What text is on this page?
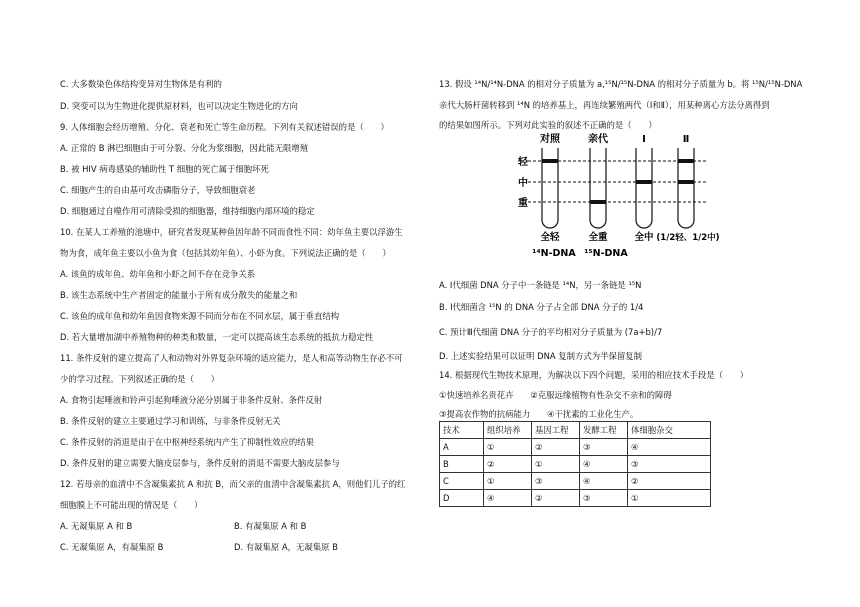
C. 大多数染色体结构变异对生物体是有利的
D. 突变可以为生物进化提供原材料，也可以决定生物进化的方向
9. 人体细胞会经历增殖、分化、衰老和死亡等生命历程。下列有关叙述错误的是（　　）
A. 正常的 B 淋巴细胞由于可分裂、分化为浆细胞，因此能无限增殖
B. 被 HIV 病毒感染的辅助性 T 细胞的死亡属于细胞坏死
C. 细胞产生的自由基可攻击磷脂分子，导致细胞衰老
D. 细胞通过自噬作用可清除受损的细胞器，维持细胞内部环境的稳定
10. 在某人工养殖的池塘中，研究者发现某种鱼因年龄不同而食性不同：幼年鱼主要以浮游生
物为食，成年鱼主要以小鱼为食（包括其幼年鱼）、小虾为食。下列说法正确的是（　　）
A. 该鱼的成年鱼、幼年鱼和小虾之间不存在竞争关系
B. 该生态系统中生产者固定的能量小于所有成分散失的能量之和
C. 该鱼的成年鱼和幼年鱼因食物来源不同而分布在不同水层，属于垂直结构
D. 若大量增加湖中养殖物种的种类和数量，一定可以提高该生态系统的抵抗力稳定性
11. 条件反射的建立提高了人和动物对外界复杂环境的适应能力，是人和高等动物生存必不可
少的学习过程。下列叙述正确的是（　　）
A. 食物引起唾液和铃声引起狗唾液分泌分别属于非条件反射、条件反射
B. 条件反射的建立主要通过学习和训练，与非条件反射无关
C. 条件反射的消退是由于在中枢神经系统内产生了抑制性效应的结果
D. 条件反射的建立需要大脑皮层参与，条件反射的消退不需要大脑皮层参与
12. 若母亲的血清中不含凝集素抗 A 和抗 B，而父亲的血清中含凝集素抗 A，则他们儿子的红
细胞膜上不可能出现的情况是（　　）
A. 无凝集原 A 和 B	B. 有凝集原 A 和 B
C. 无凝集原 A，有凝集原 B	D. 有凝集原 A，无凝集原 B
13. 假设 ¹⁴N/¹⁴N-DNA 的相对分子质量为 a,¹⁵N/¹⁵N-DNA 的相对分子质量为 b。将 ¹⁵N/¹⁵N-DNA
亲代大肠杆菌转移到 ¹⁴N 的培养基上，再连续繁殖两代（Ⅰ和Ⅱ），用某种离心方法分离得到
的结果如图所示。下列对此实验的叙述不正确的是（　　）
A. Ⅰ代细菌 DNA 分子中一条链是 ¹⁴N，另一条链是 ¹⁵N
B. Ⅰ代细菌含 ¹⁵N 的 DNA 分子占全部 DNA 分子的 1/4
C. 预计Ⅲ代细菌 DNA 分子的平均相对分子质量为 (7a+b)/7
D. 上述实验结果可以证明 DNA 复制方式为半保留复制
14. 根据现代生物技术原理，为解决以下四个问题，采用的相应技术手段是（　　）
①快速培养名贵花卉　　②克服远缘植物有性杂交不亲和的障碍
③提高农作物的抗病能力　　④干扰素的工业化生产。
对照	亲代	Ⅰ	Ⅱ
轻
中
重
全轻	全重	全中 (1/2轻、1/2中)
¹⁴N-DNA ¹⁵N-DNA
技术	组织培养	基因工程	发酵工程	体细胞杂交
A	①	②	③	④
B	②	①	④	③
C	①	③	④	②
D	④	②	③	①
